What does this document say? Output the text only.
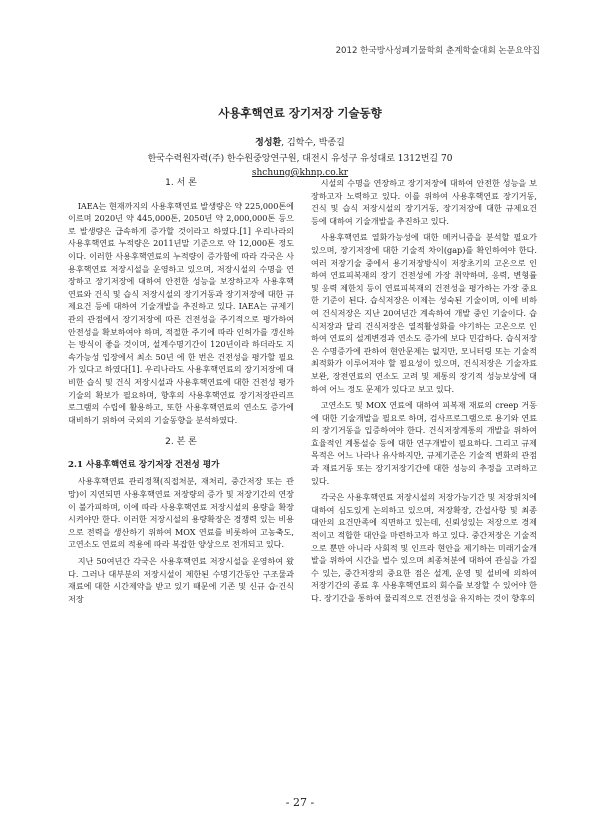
2012 한국방사성폐기물학회 춘계학술대회 논문요약집
사용후핵연료 장기저장 기술동향
정성환, 김학수, 박종길
한국수력원자력(주) 한수원중앙연구원, 대전시 유성구 유성대로 1312번길 70
shchung@khnp.co.kr
1. 서 론

IAEA는 현재까지의 사용후핵연료 발생량은 약 225,000톤에 이르며 2020년 약 445,000톤, 2050년 약 2,000,000톤 등으로 발생량은 급속하게 증가할 것이라고 하였다.[1] 우리나라의 사용후핵연료 누적량은 2011년말 기준으로 약 12,000톤 정도이다. 이러한 사용후핵연료의 누적량이 증가함에 따라 각국은 사용후핵연료 저장시설을 운영하고 있으며, 저장시설의 수명을 연장하고 장기저장에 대하여 안전한 성능을 보장하고자 사용후핵연료와 건식 및 습식 저장시설의 장기거동과 장기저장에 대한 규제요건 등에 대하여 기술개발을 추진하고 있다. IAEA는 규제기관의 관점에서 장기저장에 따른 건전성을 주기적으로 평가하여 안전성을 확보하여야 하며, 적절한 주기에 따라 인허가를 갱신하는 방식이 좋을 것이며, 설계수명기간이 120년이라 하더라도 지속가능성 입장에서 최소 50년 에 한 번은 건전성을 평가할 필요가 있다고 하였다[1]. 우리나라도 사용후핵연료의 장기저장에 대비한 습식 및 건식 저장시설과 사용후핵연료에 대한 건전성 평가기술의 확보가 필요하며, 향후의 사용후핵연료 장기저장관리프로그램의 수립에 활용하고, 또한 사용후핵연료의 연소도 증가에 대비하기 위하여 국외의 기술동향을 분석하였다.

2. 본 론
2.1 사용후핵연료 장기저장 건전성 평가

사용후핵연료 관리정책(직접처분, 재처리, 중간저장 또는 관망)이 지연되면 사용후핵연료 저장량의 증가 및 저장기간의 연장이 불가피하며, 이에 따라 사용후핵연료 저장시설의 용량을 확장시켜야만 한다. 이러한 저장시설의 용량확장은 경쟁력 있는 비용으로 전력을 생산하기 위하여 MOX 연료를 비롯하여 고농축도, 고연소도 연료의 적용에 따라 복잡한 양상으로 전개되고 있다.

지난 50여년간 각국은 사용후핵연료 저장시설을 운영하여 왔다. 그러나 대부분의 저장시설이 제한된 수명기간동안 구조물과 재료에 대한 시간제약을 받고 있기 때문에 기존 및 신규 습·건식 저장

시설의 수명을 연장하고 장기저장에 대하여 안전한 성능을 보장하고자 노력하고 있다. 이를 위하여 사용후핵연료 장기거동, 건식 및 습식 저장시설의 장기거동, 장기저장에 대한 규제요건 등에 대하여 기술개발을 추진하고 있다.

사용후핵연료 열화가능성에 대한 메커니즘을 분석할 필요가 있으며, 장기저장에 대한 기술적 차이(gap)를 확인하여야 한다. 여러 저장기술 중에서 용기저장방식이 저장초기의 고온으로 인하여 연료피복재의 장기 건전성에 가장 취약하며, 응력, 변형률 및 응력 제한치 등이 연료피복재의 건전성을 평가하는 가장 중요한 기준이 된다. 습식저장은 이제는 성숙된 기술이며, 이에 비하여 건식저장은 지난 20여년간 계속하여 개발 중인 기술이다. 습식저장과 달리 건식저장은 열적활성화를 야기하는 고온으로 인하여 연료의 설계변경과 연소도 증가에 보다 민감하다. 습식저장은 수명증가에 관하여 현안문제는 없지만, 모니터링 또는 기술적 최적화가 이루어져야 할 필요성이 있으며, 건식저장은 기술자료 보완, 장전연료의 연소도 고려 및 제통의 장기적 성능보상에 대하여 어느 정도 문제가 있다고 보고 있다.

고연소도 및 MOX 연료에 대하여 피복재 재료의 creep 거동에 대한 기술개발을 필요로 하며, 검사프로그램으로 용기와 연료의 장기거동을 입증하여야 한다. 건식저장계통의 개발을 위하여 효율적인 계통설승 등에 대한 연구개발이 필요하다. 그리고 규제목적은 어느 나라나 유사하지만, 규제기준은 기술적 변화의 관점과 재료거동 또는 장기저장기간에 대한 성능의 추정을 고려하고 있다.

각국은 사용후핵연료 저장시설의 저장가능기간 및 저장위치에 대하여 심도있게 논의하고 있으며, 저장확장, 간섭사항 및 최종대안의 요건만족에 직면하고 있는데, 신뢰성있는 저장으로 경제적이고 적합한 대안을 마련하고자 하고 있다. 중간저장은 기술적으로 뿐만 아니라 사회적 및 인프라 현안을 제기하는 미래기술개발을 위하여 시간을 벌수 있으며 최종처분에 대하여 관심을 가질 수 있는, 중간저장의 중요한 점은 설계, 운영 및 설비에 의하여 저장기간의 종료 후 사용후핵연료의 회수를 보장할 수 있어야 한다. 장기간을 통하여 물리적으로 건전성을 유지하는 것이 향후의

- 27 -
